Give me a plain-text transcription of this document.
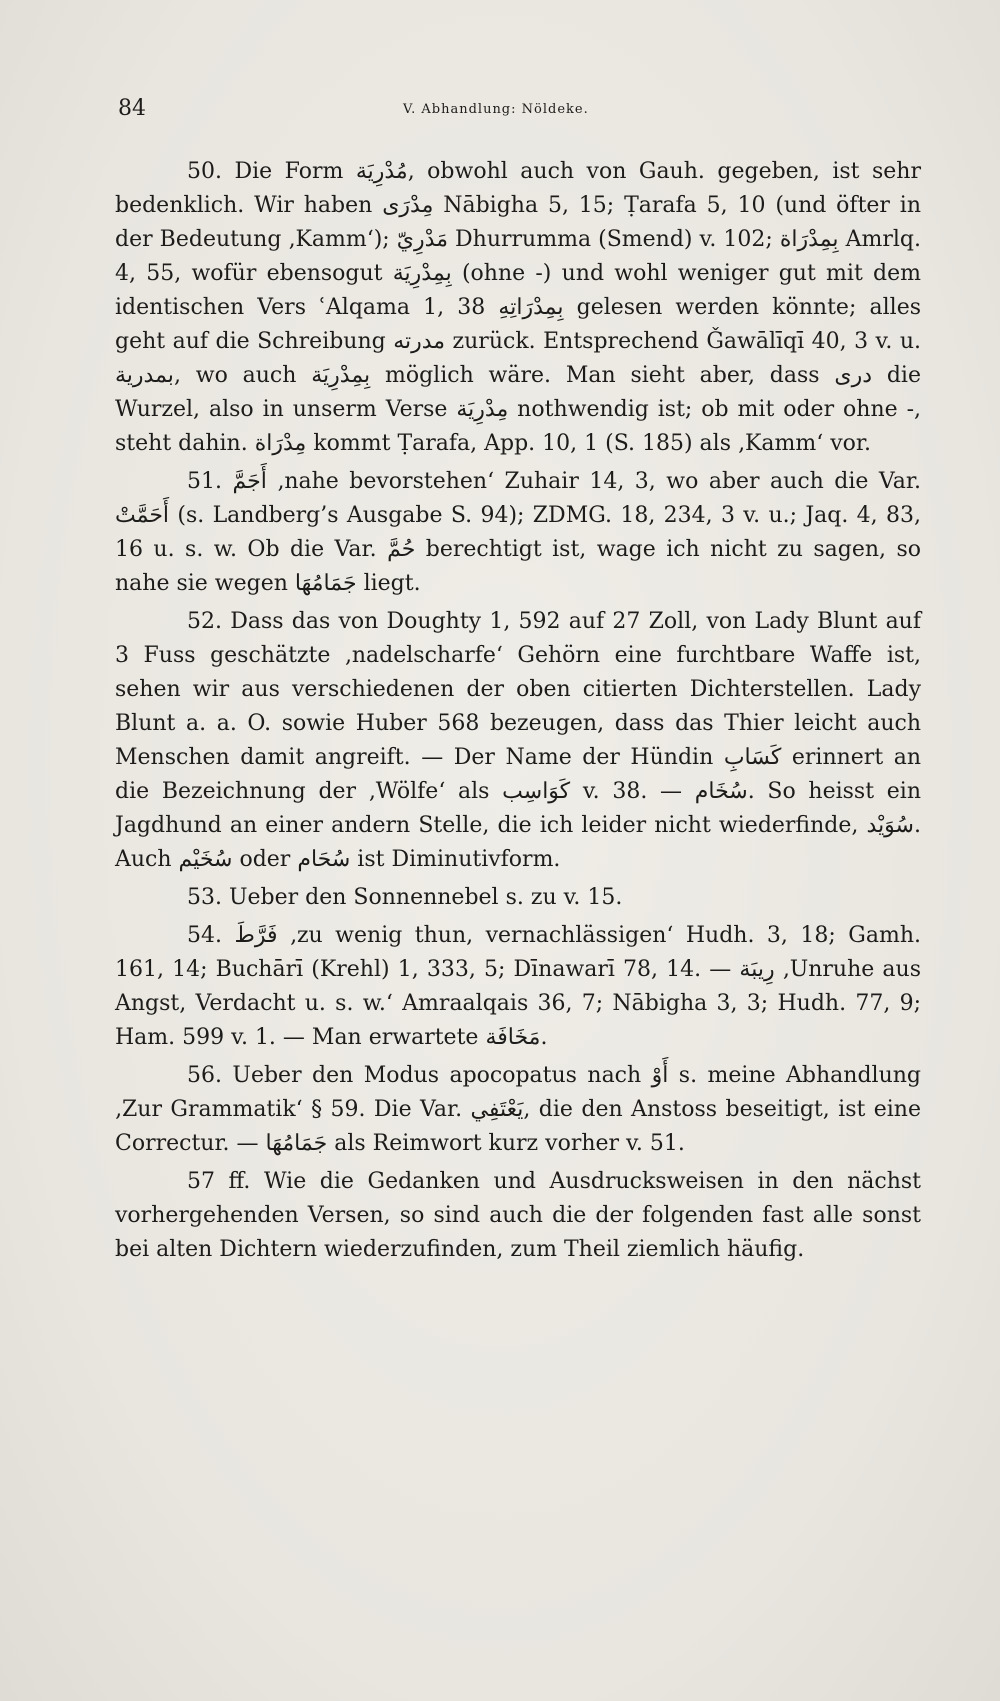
84	V. Abhandlung: Nöldeke.

50. Die Form مُدْرِيَة, obwohl auch von Gauh. gegeben, ist sehr bedenklich. Wir haben مِدْرَى Nābigha 5, 15; Ṭarafa 5, 10 (und öfter in der Bedeutung ‚Kamm‘); مَدْرِيّ Dhurrumma (Smend) v. 102; بِمِدْرَاة Amrlq. 4, 55, wofür ebensogut بِمِدْرِيَة (ohne -) und wohl weniger gut mit dem identischen Vers ʿAlqama 1, 38 بِمِدْرَاتِهِ gelesen werden könnte; alles geht auf die Schreibung مدرته zurück. Entsprechend Ǧawālīqī 40, 3 v. u. بمدرية, wo auch بِمِدْرِيَة möglich wäre. Man sieht aber, dass درى die Wurzel, also in unserm Verse مِدْرِيَة nothwendig ist; ob mit oder ohne -, steht dahin. مِدْرَاة kommt Ṭarafa, App. 10, 1 (S. 185) als ‚Kamm‘ vor.

51. أَجَمَّ ‚nahe bevorstehen‘ Zuhair 14, 3, wo aber auch die Var. أَحَمَّتْ (s. Landberg’s Ausgabe S. 94); ZDMG. 18, 234, 3 v. u.; Jaq. 4, 83, 16 u. s. w. Ob die Var. حُمَّ berechtigt ist, wage ich nicht zu sagen, so nahe sie wegen جَمَامُهَا liegt.

52. Dass das von Doughty 1, 592 auf 27 Zoll, von Lady Blunt auf 3 Fuss geschätzte ‚nadelscharfe‘ Gehörn eine furchtbare Waffe ist, sehen wir aus verschiedenen der oben citierten Dichterstellen. Lady Blunt a. a. O. sowie Huber 568 bezeugen, dass das Thier leicht auch Menschen damit angreift. — Der Name der Hündin كَسَابِ erinnert an die Bezeichnung der ‚Wölfe‘ als كَوَاسِب v. 38. — سُخَام. So heisst ein Jagdhund an einer andern Stelle, die ich leider nicht wiederfinde, سُوَيْد. Auch سُخَيْم oder سُحَام ist Diminutivform.

53. Ueber den Sonnennebel s. zu v. 15.

54. فَرَّطَ ‚zu wenig thun, vernachlässigen‘ Hudh. 3, 18; Gamh. 161, 14; Buchārī (Krehl) 1, 333, 5; Dīnawarī 78, 14. — رِيبَة ‚Unruhe aus Angst, Verdacht u. s. w.‘ Amraalqais 36, 7; Nābigha 3, 3; Hudh. 77, 9; Ham. 599 v. 1. — Man erwartete مَخَافَة.

56. Ueber den Modus apocopatus nach أَوْ s. meine Abhandlung ‚Zur Grammatik‘ § 59. Die Var. يَعْتَفِي, die den Anstoss beseitigt, ist eine Correctur. — جَمَامُهَا als Reimwort kurz vorher v. 51.

57 ff. Wie die Gedanken und Ausdrucksweisen in den nächst vorhergehenden Versen, so sind auch die der folgenden fast alle sonst bei alten Dichtern wiederzufinden, zum Theil ziemlich häufig.
